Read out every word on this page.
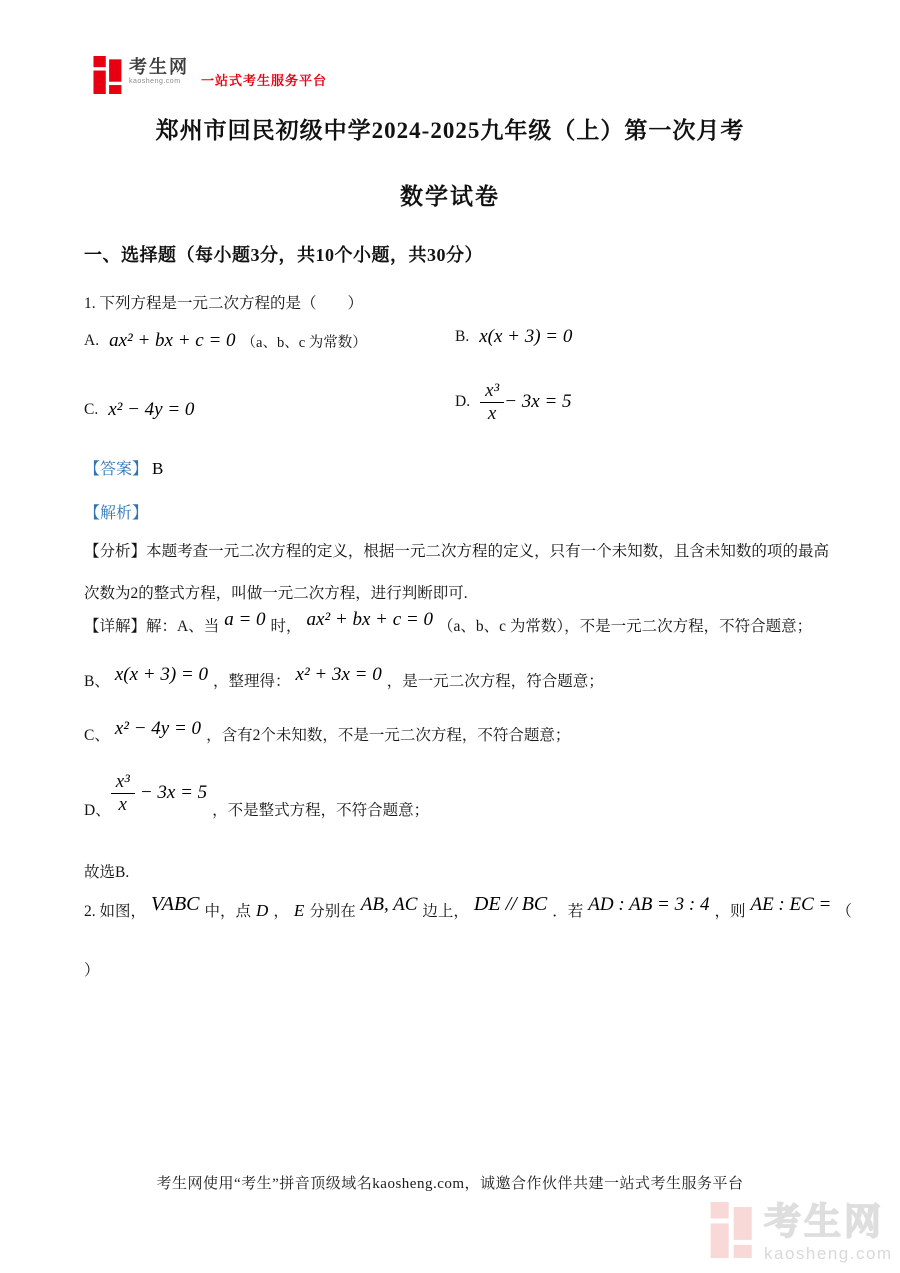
考生网
kaosheng.com	一站式考生服务平台
郑州市回民初级中学2024-2025九年级（上）第一次月考
数学试卷
一、选择题（每小题3分，共10个小题，共30分）
1. 下列方程是一元二次方程的是（　　）
A. ax² + bx + c = 0 （a、b、c 为常数）	B. x(x + 3) = 0
C. x² − 4y = 0	D. $\frac{\text{x³}}{x} - 3x = 5$
【答案】 B
【解析】
【分析】本题考查一元二次方程的定义，根据一元二次方程的定义，只有一个未知数，且含未知数的项的最高次数为2的整式方程，叫做一元二次方程，进行判断即可.
【详解】解：A、当 a = 0 时， ax² + bx + c = 0 （a、b、c 为常数），不是一元二次方程，不符合题意；
B、 x(x + 3) = 0 ，整理得： x² + 3x = 0 ，是一元二次方程，符合题意；
C、 x² − 4y = 0 ，含有2个未知数，不是一元二次方程，不符合题意；
D、 $\frac{\text{x³}}{x} - 3x = 5$
，不是整式方程，不符合题意；
故选B.
2. 如图， VABC 中，点 D ， E 分别在 AB, AC 边上， DE // BC ．若 AD : AB = 3 : 4 ，则 AE : EC = （
）
考生网使用“考生”拼音顶级域名kaosheng.com，诚邀合作伙伴共建一站式考生服务平台
考生网
kaosheng.com
